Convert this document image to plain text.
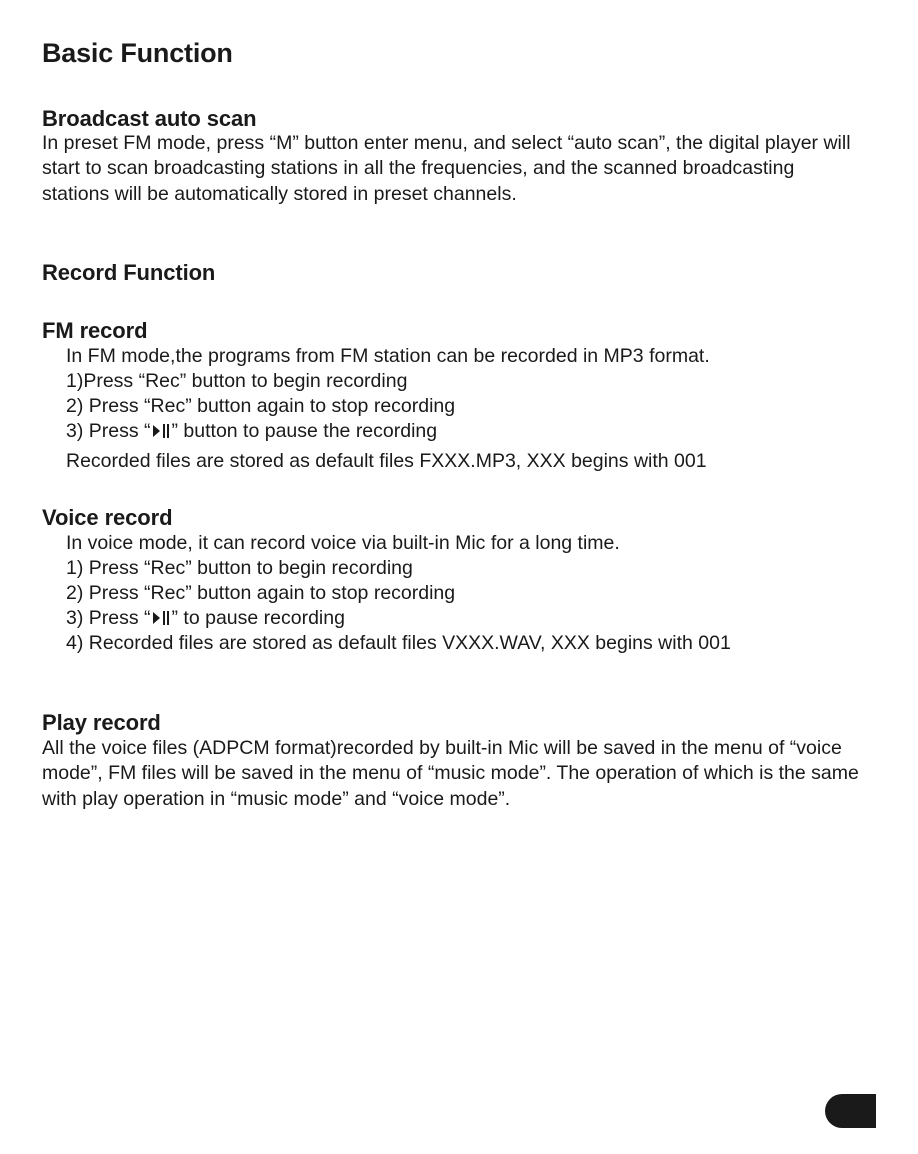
Basic Function
Broadcast auto scan
In preset FM mode, press “M” button enter menu, and select “auto scan”, the digital player will start to scan broadcasting stations in all the frequencies, and the scanned broadcasting stations will be automatically stored in preset channels.
Record Function
FM record
In FM mode,the programs from FM station can be recorded in MP3 format.
1)Press “Rec” button to begin recording
2) Press “Rec” button again to stop recording
3) Press “ ” button to pause the recording
Recorded files are stored as default files FXXX.MP3, XXX begins with 001
Voice record
In voice mode, it can record voice via built-in Mic for a long time.
1) Press “Rec” button to begin recording
2) Press “Rec” button again to stop recording
3) Press “ ” to pause recording
4) Recorded files are stored as default files VXXX.WAV, XXX begins with 001
Play record
All the voice files (ADPCM format)recorded by built-in Mic will be saved in the menu of “voice mode”, FM files will be saved in the menu of “music mode”. The operation of which is the same with play operation in “music mode” and “voice mode”.
